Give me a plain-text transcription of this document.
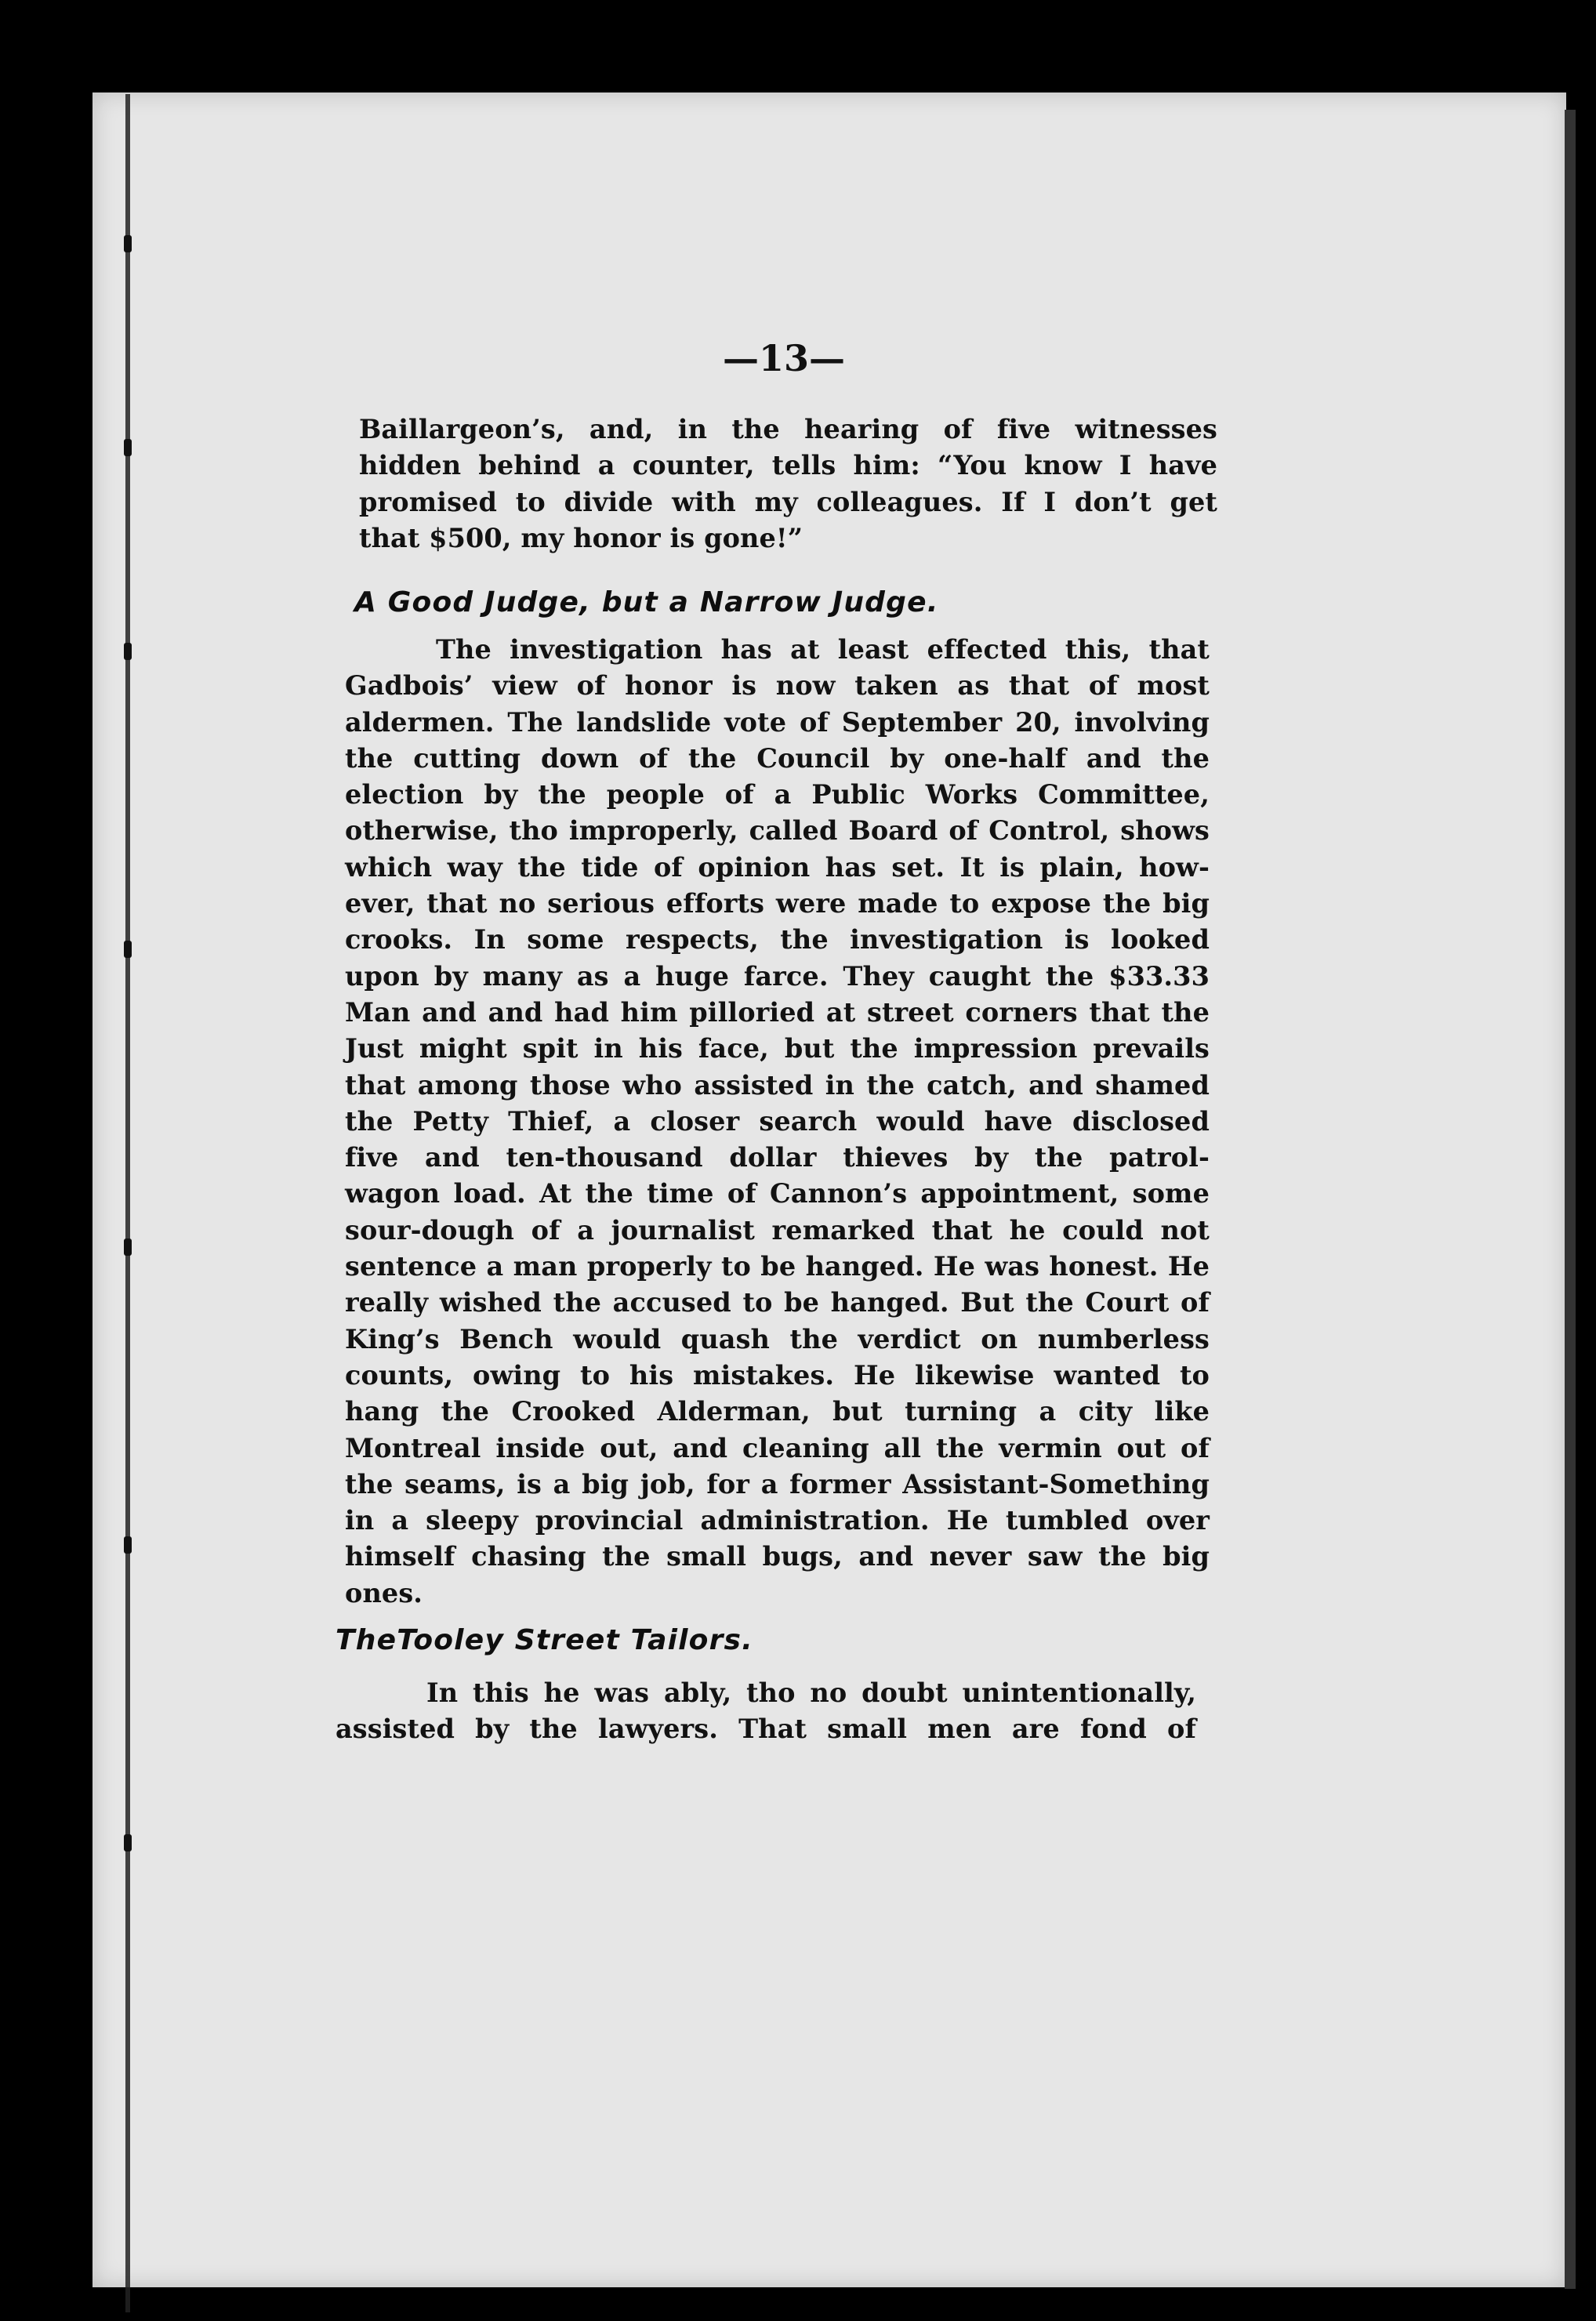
—13—
Baillargeon’s, and, in the hearing of five witnesses
hidden behind a counter, tells him: “You know I have
promised to divide with my colleagues. If I don’t get
that $500, my honor is gone!”
A Good Judge, but a Narrow Judge.
The investigation has at least effected this, that
Gadbois’ view of honor is now taken as that of most
aldermen. The landslide vote of September 20, involving
the cutting down of the Council by one-half and the
election by the people of a Public Works Committee,
otherwise, tho improperly, called Board of Control, shows
which way the tide of opinion has set. It is plain, how-
ever, that no serious efforts were made to expose the big
crooks. In some respects, the investigation is looked
upon by many as a huge farce. They caught the $33.33
Man and and had him pilloried at street corners that the
Just might spit in his face, but the impression prevails
that among those who assisted in the catch, and shamed
the Petty Thief, a closer search would have disclosed
five and ten-thousand dollar thieves by the patrol-
wagon load. At the time of Cannon’s appointment, some
sour-dough of a journalist remarked that he could not
sentence a man properly to be hanged. He was honest. He
really wished the accused to be hanged. But the Court of
King’s Bench would quash the verdict on numberless
counts, owing to his mistakes. He likewise wanted to
hang the Crooked Alderman, but turning a city like
Montreal inside out, and cleaning all the vermin out of
the seams, is a big job, for a former Assistant-Something
in a sleepy provincial administration. He tumbled over
himself chasing the small bugs, and never saw the big
ones.
TheTooley Street Tailors.
In this he was ably, tho no doubt unintentionally,
assisted by the lawyers. That small men are fond of
